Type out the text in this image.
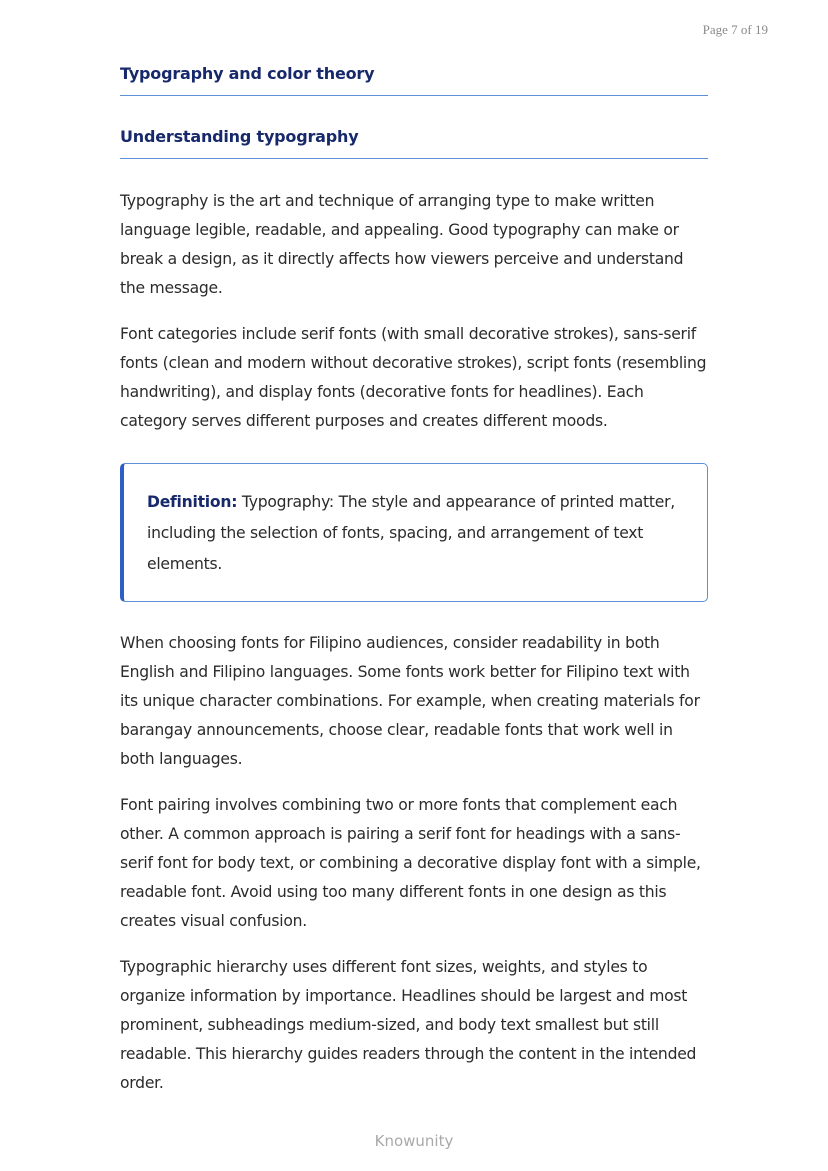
Page 7 of 19
Typography and color theory
Understanding typography

Typography is the art and technique of arranging type to make written language legible, readable, and appealing. Good typography can make or break a design, as it directly affects how viewers perceive and understand the message.

Font categories include serif fonts (with small decorative strokes), sans-serif fonts (clean and modern without decorative strokes), script fonts (resembling handwriting), and display fonts (decorative fonts for headlines). Each category serves different purposes and creates different moods.

Definition: Typography: The style and appearance of printed matter, including the selection of fonts, spacing, and arrangement of text elements.

When choosing fonts for Filipino audiences, consider readability in both English and Filipino languages. Some fonts work better for Filipino text with its unique character combinations. For example, when creating materials for barangay announcements, choose clear, readable fonts that work well in both languages.

Font pairing involves combining two or more fonts that complement each other. A common approach is pairing a serif font for headings with a sans-serif font for body text, or combining a decorative display font with a simple, readable font. Avoid using too many different fonts in one design as this creates visual confusion.

Typographic hierarchy uses different font sizes, weights, and styles to organize information by importance. Headlines should be largest and most prominent, subheadings medium-sized, and body text smallest but still readable. This hierarchy guides readers through the content in the intended order.

Knowunity
